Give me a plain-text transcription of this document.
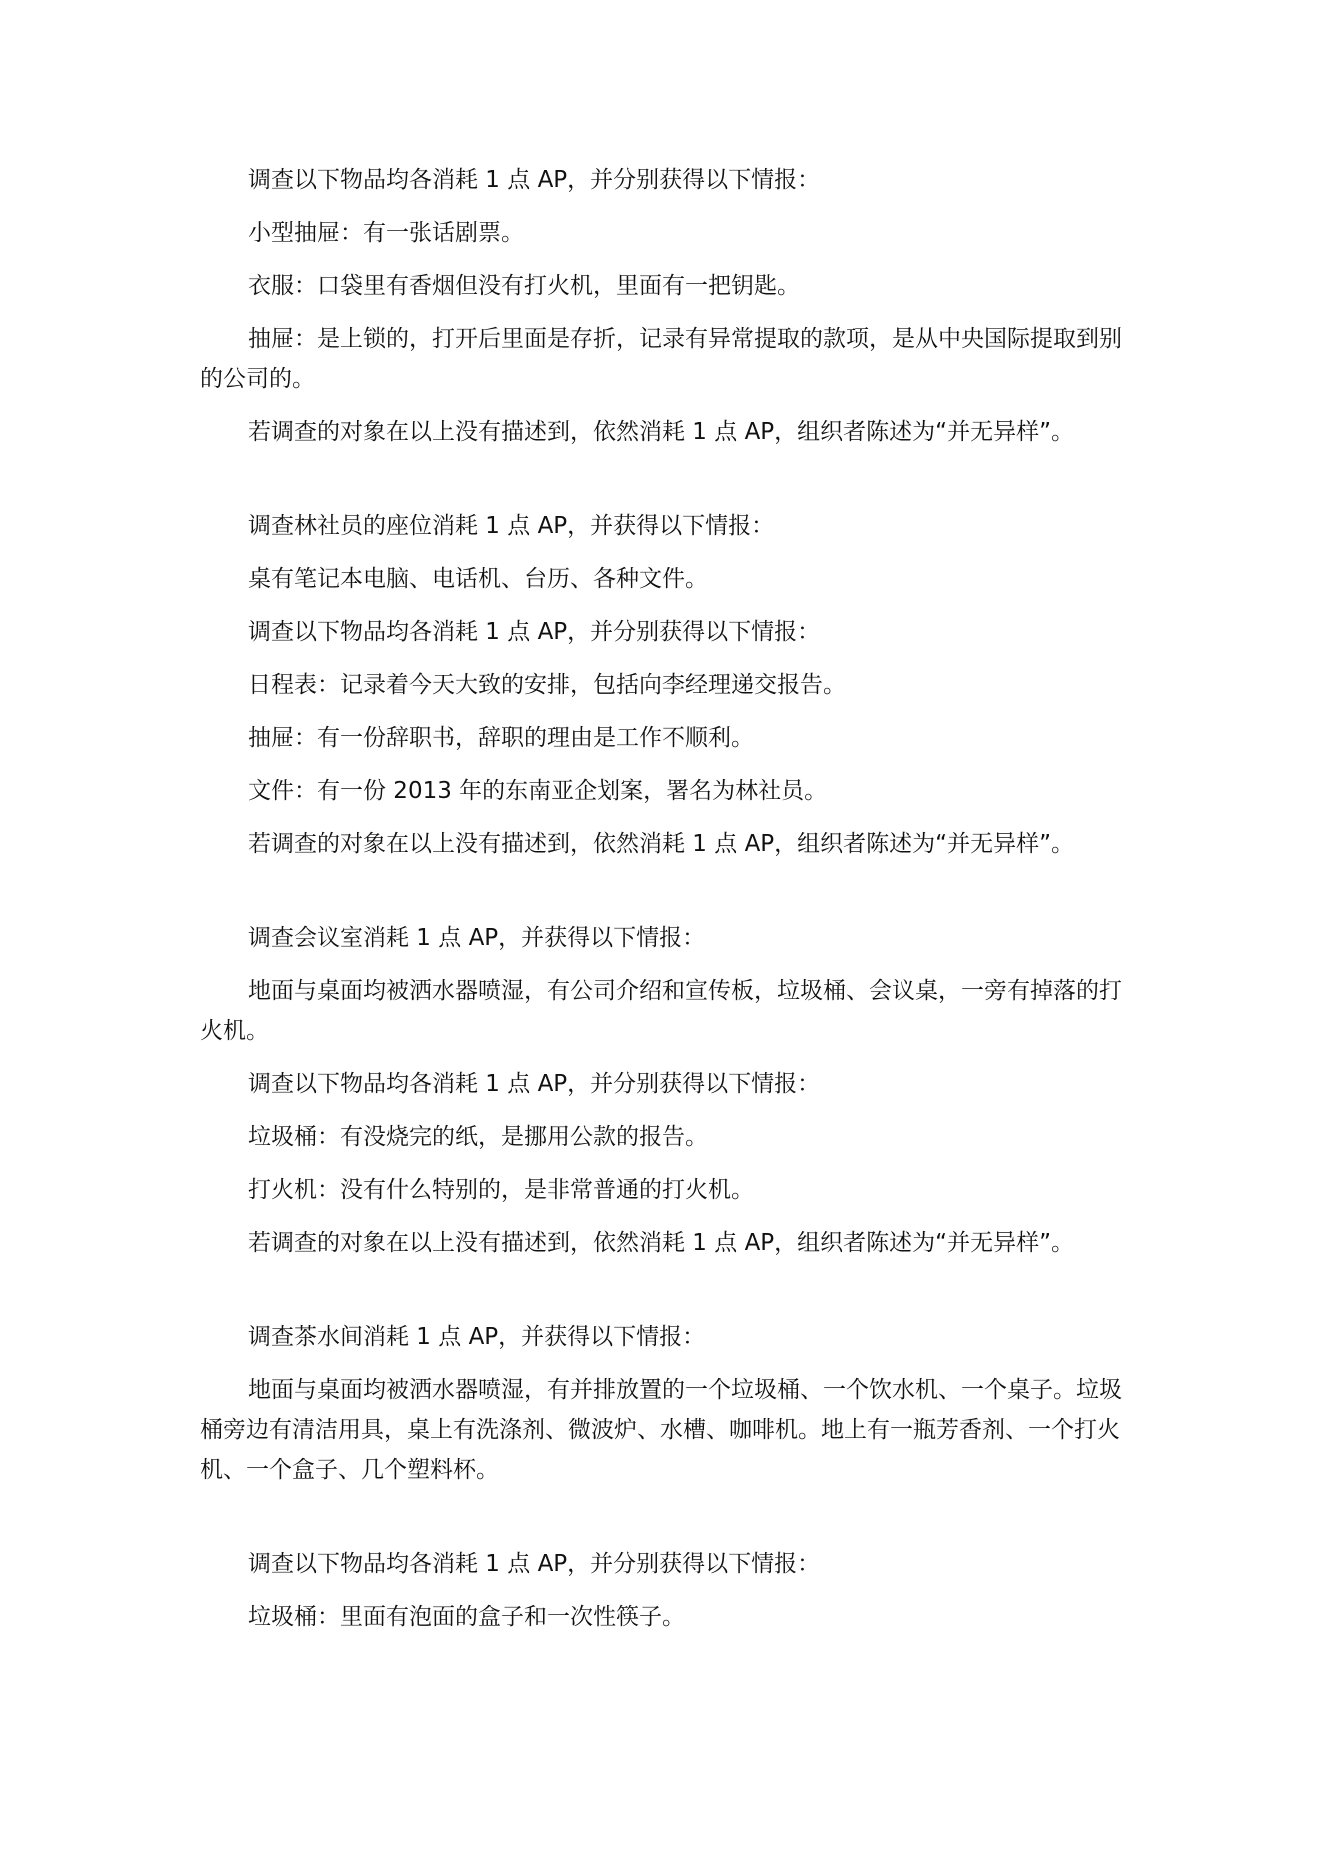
调查以下物品均各消耗 1 点 AP，并分别获得以下情报：

小型抽屉：有一张话剧票。

衣服：口袋里有香烟但没有打火机，里面有一把钥匙。

抽屉：是上锁的，打开后里面是存折，记录有异常提取的款项，是从中央国际提取到别的公司的。

若调查的对象在以上没有描述到，依然消耗 1 点 AP，组织者陈述为“并无异样”。

调查林社员的座位消耗 1 点 AP，并获得以下情报：

桌有笔记本电脑、电话机、台历、各种文件。

调查以下物品均各消耗 1 点 AP，并分别获得以下情报：

日程表：记录着今天大致的安排，包括向李经理递交报告。

抽屉：有一份辞职书，辞职的理由是工作不顺利。

文件：有一份 2013 年的东南亚企划案，署名为林社员。

若调查的对象在以上没有描述到，依然消耗 1 点 AP，组织者陈述为“并无异样”。

调查会议室消耗 1 点 AP，并获得以下情报：

地面与桌面均被洒水器喷湿，有公司介绍和宣传板，垃圾桶、会议桌，一旁有掉落的打火机。

调查以下物品均各消耗 1 点 AP，并分别获得以下情报：

垃圾桶：有没烧完的纸，是挪用公款的报告。

打火机：没有什么特别的，是非常普通的打火机。

若调查的对象在以上没有描述到，依然消耗 1 点 AP，组织者陈述为“并无异样”。

调查茶水间消耗 1 点 AP，并获得以下情报：

地面与桌面均被洒水器喷湿，有并排放置的一个垃圾桶、一个饮水机、一个桌子。垃圾桶旁边有清洁用具，桌上有洗涤剂、微波炉、水槽、咖啡机。地上有一瓶芳香剂、一个打火机、一个盒子、几个塑料杯。

调查以下物品均各消耗 1 点 AP，并分别获得以下情报：

垃圾桶：里面有泡面的盒子和一次性筷子。
